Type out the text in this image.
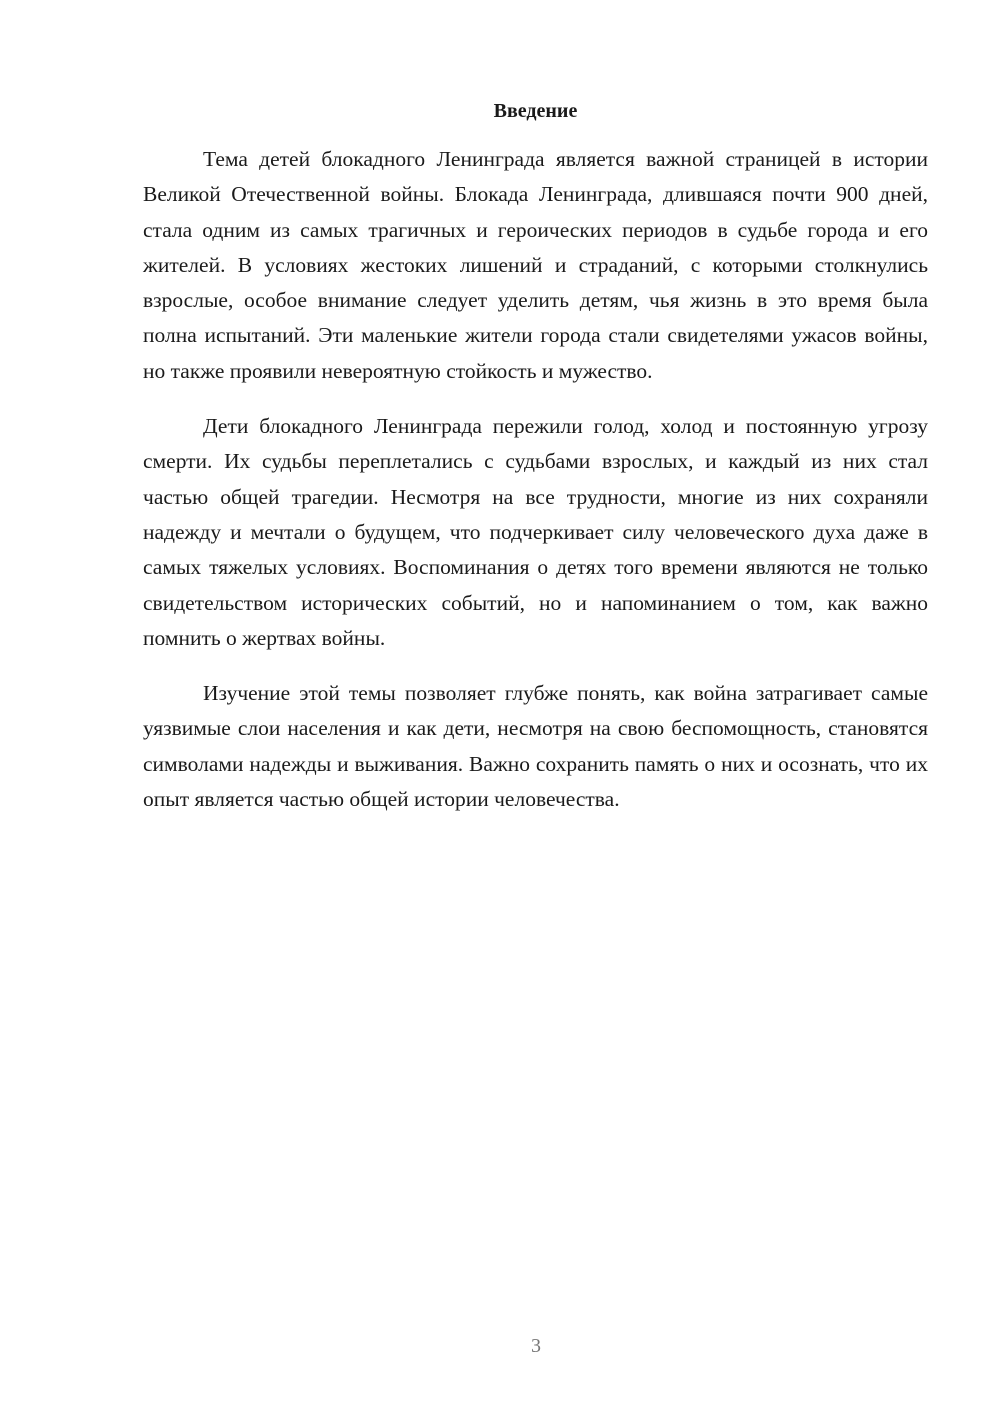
Введение

Тема детей блокадного Ленинграда является важной страницей в истории Великой Отечественной войны. Блокада Ленинграда, длившаяся почти 900 дней, стала одним из самых трагичных и героических периодов в судьбе города и его жителей. В условиях жестоких лишений и страданий, с которыми столкнулись взрослые, особое внимание следует уделить детям, чья жизнь в это время была полна испытаний. Эти маленькие жители города стали свидетелями ужасов войны, но также проявили невероятную стойкость и мужество.

Дети блокадного Ленинграда пережили голод, холод и постоянную угрозу смерти. Их судьбы переплетались с судьбами взрослых, и каждый из них стал частью общей трагедии. Несмотря на все трудности, многие из них сохраняли надежду и мечтали о будущем, что подчеркивает силу человеческого духа даже в самых тяжелых условиях. Воспоминания о детях того времени являются не только свидетельством исторических событий, но и напоминанием о том, как важно помнить о жертвах войны.

Изучение этой темы позволяет глубже понять, как война затрагивает самые уязвимые слои населения и как дети, несмотря на свою беспомощность, становятся символами надежды и выживания. Важно сохранить память о них и осознать, что их опыт является частью общей истории человечества.

3
